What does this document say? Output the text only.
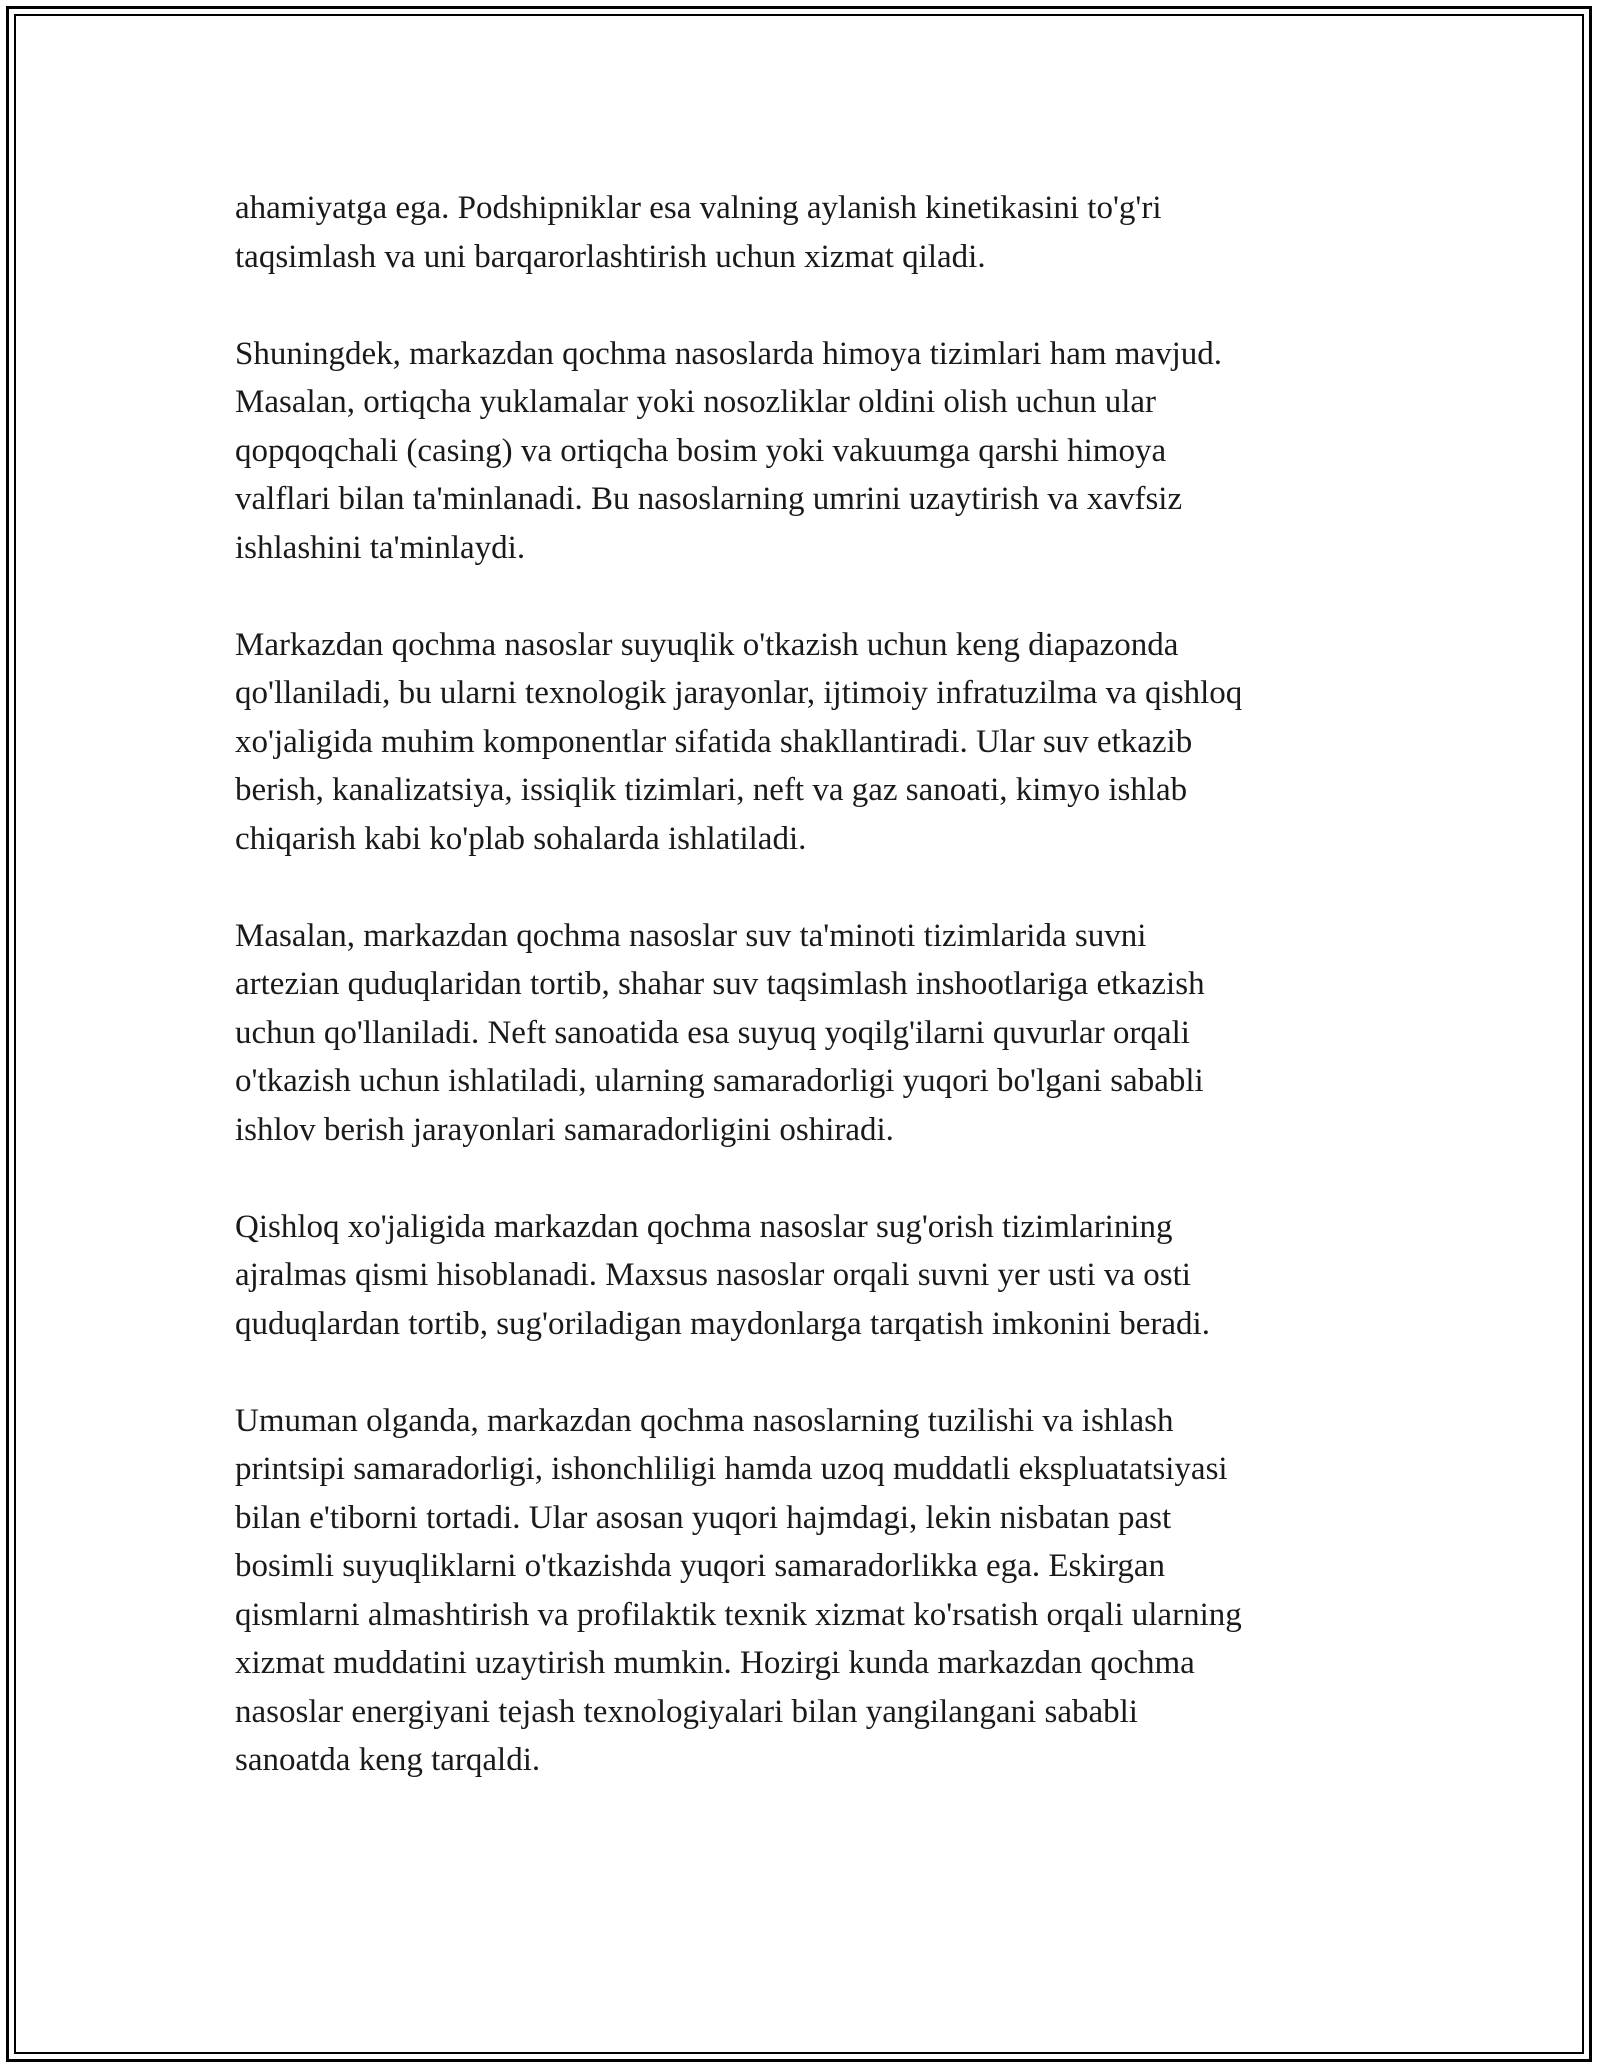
ahamiyatga ega. Podshipniklar esa valning aylanish kinetikasini to'g'ri
taqsimlash va uni barqarorlashtirish uchun xizmat qiladi.

Shuningdek, markazdan qochma nasoslarda himoya tizimlari ham mavjud.
Masalan, ortiqcha yuklamalar yoki nosozliklar oldini olish uchun ular
qopqoqchali (casing) va ortiqcha bosim yoki vakuumga qarshi himoya
valflari bilan ta'minlanadi. Bu nasoslarning umrini uzaytirish va xavfsiz
ishlashini ta'minlaydi.

Markazdan qochma nasoslar suyuqlik o'tkazish uchun keng diapazonda
qo'llaniladi, bu ularni texnologik jarayonlar, ijtimoiy infratuzilma va qishloq
xo'jaligida muhim komponentlar sifatida shakllantiradi. Ular suv etkazib
berish, kanalizatsiya, issiqlik tizimlari, neft va gaz sanoati, kimyo ishlab
chiqarish kabi ko'plab sohalarda ishlatiladi.

Masalan, markazdan qochma nasoslar suv ta'minoti tizimlarida suvni
artezian quduqlaridan tortib, shahar suv taqsimlash inshootlariga etkazish
uchun qo'llaniladi. Neft sanoatida esa suyuq yoqilg'ilarni quvurlar orqali
o'tkazish uchun ishlatiladi, ularning samaradorligi yuqori bo'lgani sababli
ishlov berish jarayonlari samaradorligini oshiradi.

Qishloq xo'jaligida markazdan qochma nasoslar sug'orish tizimlarining
ajralmas qismi hisoblanadi. Maxsus nasoslar orqali suvni yer usti va osti
quduqlardan tortib, sug'oriladigan maydonlarga tarqatish imkonini beradi.

Umuman olganda, markazdan qochma nasoslarning tuzilishi va ishlash
printsipi samaradorligi, ishonchliligi hamda uzoq muddatli ekspluatatsiyasi
bilan e'tiborni tortadi. Ular asosan yuqori hajmdagi, lekin nisbatan past
bosimli suyuqliklarni o'tkazishda yuqori samaradorlikka ega. Eskirgan
qismlarni almashtirish va profilaktik texnik xizmat ko'rsatish orqali ularning
xizmat muddatini uzaytirish mumkin. Hozirgi kunda markazdan qochma
nasoslar energiyani tejash texnologiyalari bilan yangilangani sababli
sanoatda keng tarqaldi.
